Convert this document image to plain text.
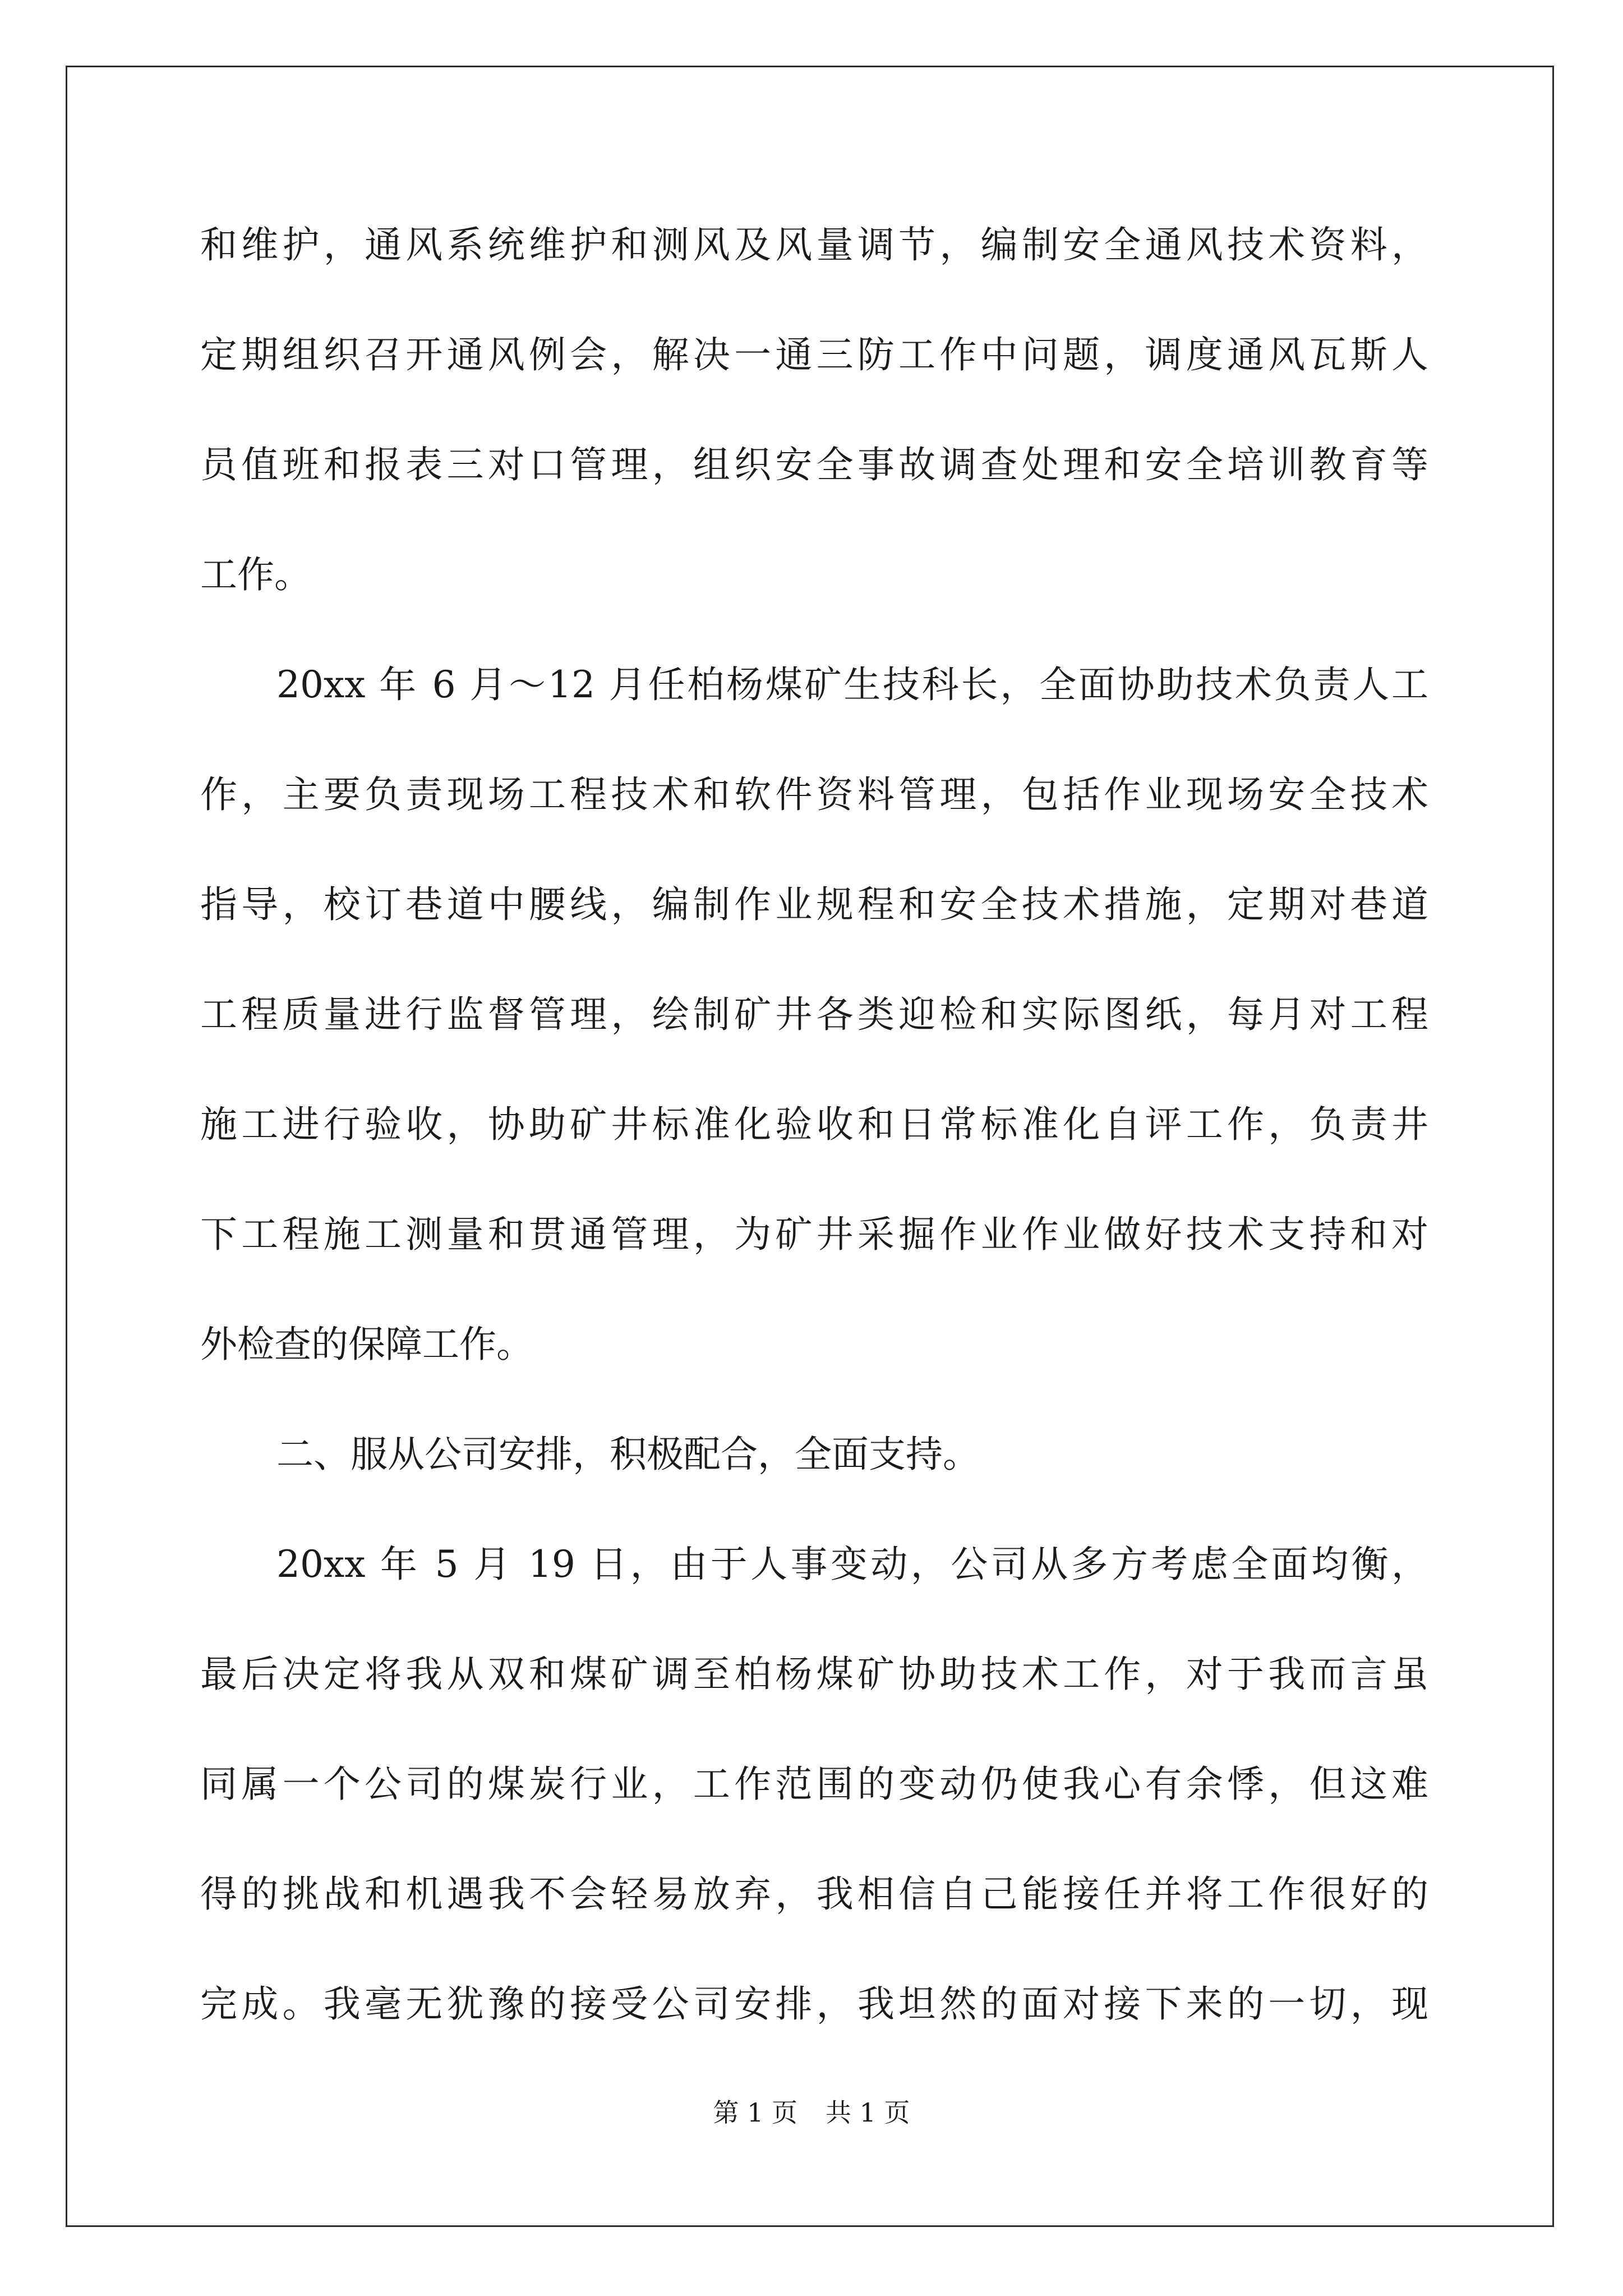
和维护，通风系统维护和测风及风量调节，编制安全通风技术资料，
定期组织召开通风例会，解决一通三防工作中问题，调度通风瓦斯人
员值班和报表三对口管理，组织安全事故调查处理和安全培训教育等
工作。
20xx 年 6 月～12 月任柏杨煤矿生技科长，全面协助技术负责人工
作，主要负责现场工程技术和软件资料管理，包括作业现场安全技术
指导，校订巷道中腰线，编制作业规程和安全技术措施，定期对巷道
工程质量进行监督管理，绘制矿井各类迎检和实际图纸，每月对工程
施工进行验收，协助矿井标准化验收和日常标准化自评工作，负责井
下工程施工测量和贯通管理，为矿井采掘作业作业做好技术支持和对
外检查的保障工作。
二、服从公司安排，积极配合，全面支持。
20xx 年 5 月 19 日，由于人事变动，公司从多方考虑全面均衡，
最后决定将我从双和煤矿调至柏杨煤矿协助技术工作，对于我而言虽
同属一个公司的煤炭行业，工作范围的变动仍使我心有余悸，但这难
得的挑战和机遇我不会轻易放弃，我相信自己能接任并将工作很好的
完成。我毫无犹豫的接受公司安排，我坦然的面对接下来的一切，现
第 1 页 共 1 页
